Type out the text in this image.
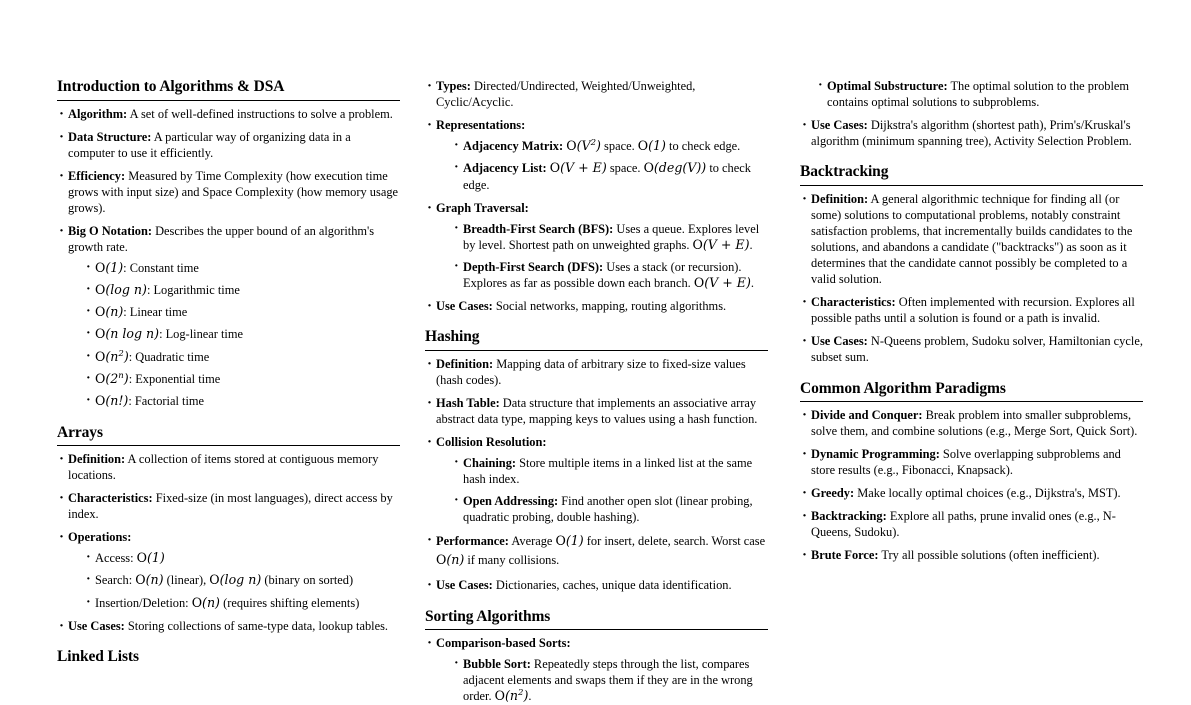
Introduction to Algorithms & DSA
· Algorithm: A set of well-defined instructions to solve a problem.
· Data Structure: A particular way of organizing data in a computer to use it efficiently.
· Efficiency: Measured by Time Complexity (how execution time grows with input size) and Space Complexity (how memory usage grows).
· Big O Notation: Describes the upper bound of an algorithm's growth rate.
· O(1): Constant time
· O(log n): Logarithmic time
· O(n): Linear time
· O(n log n): Log-linear time
· $O(n^2)$: Quadratic time
· $O(2^n)$: Exponential time
· O(n!): Factorial time
Arrays
· Definition: A collection of items stored at contiguous memory locations.
· Characteristics: Fixed-size (in most languages), direct access by index.
· Operations:
· Access: O(1)
· Search: O(n) (linear), O(log n) (binary on sorted)
· Insertion/Deletion: O(n) (requires shifting elements)
· Use Cases: Storing collections of same-type data, lookup tables.
Linked Lists
· Types: Directed/Undirected, Weighted/Unweighted, Cyclic/Acyclic.
· Representations:
· Adjacency Matrix: $O(V^2)$ space. O(1) to check edge.
· Adjacency List: O(V + E) space. O(deg(V)) to check edge.
· Graph Traversal:
· Breadth-First Search (BFS): Uses a queue. Explores level by level. Shortest path on unweighted graphs. O(V + E).
· Depth-First Search (DFS): Uses a stack (or recursion). Explores as far as possible down each branch. O(V + E).
· Use Cases: Social networks, mapping, routing algorithms.
Hashing
· Definition: Mapping data of arbitrary size to fixed-size values (hash codes).
· Hash Table: Data structure that implements an associative array abstract data type, mapping keys to values using a hash function.
· Collision Resolution:
· Chaining: Store multiple items in a linked list at the same hash index.
· Open Addressing: Find another open slot (linear probing, quadratic probing, double hashing).
· Performance: Average O(1) for insert, delete, search. Worst case O(n) if many collisions.
· Use Cases: Dictionaries, caches, unique data identification.
Sorting Algorithms
· Comparison-based Sorts:
· Bubble Sort: Repeatedly steps through the list, compares adjacent elements and swaps them if they are in the wrong order. $O(n^2)$.
· Optimal Substructure: The optimal solution to the problem contains optimal solutions to subproblems.
· Use Cases: Dijkstra's algorithm (shortest path), Prim's/Kruskal's algorithm (minimum spanning tree), Activity Selection Problem.
Backtracking
· Definition: A general algorithmic technique for finding all (or some) solutions to computational problems, notably constraint satisfaction problems, that incrementally builds candidates to the solutions, and abandons a candidate ("backtracks") as soon as it determines that the candidate cannot possibly be completed to a valid solution.
· Characteristics: Often implemented with recursion. Explores all possible paths until a solution is found or a path is invalid.
· Use Cases: N-Queens problem, Sudoku solver, Hamiltonian cycle, subset sum.
Common Algorithm Paradigms
· Divide and Conquer: Break problem into smaller subproblems, solve them, and combine solutions (e.g., Merge Sort, Quick Sort).
· Dynamic Programming: Solve overlapping subproblems and store results (e.g., Fibonacci, Knapsack).
· Greedy: Make locally optimal choices (e.g., Dijkstra's, MST).
· Backtracking: Explore all paths, prune invalid ones (e.g., N-Queens, Sudoku).
· Brute Force: Try all possible solutions (often inefficient).
